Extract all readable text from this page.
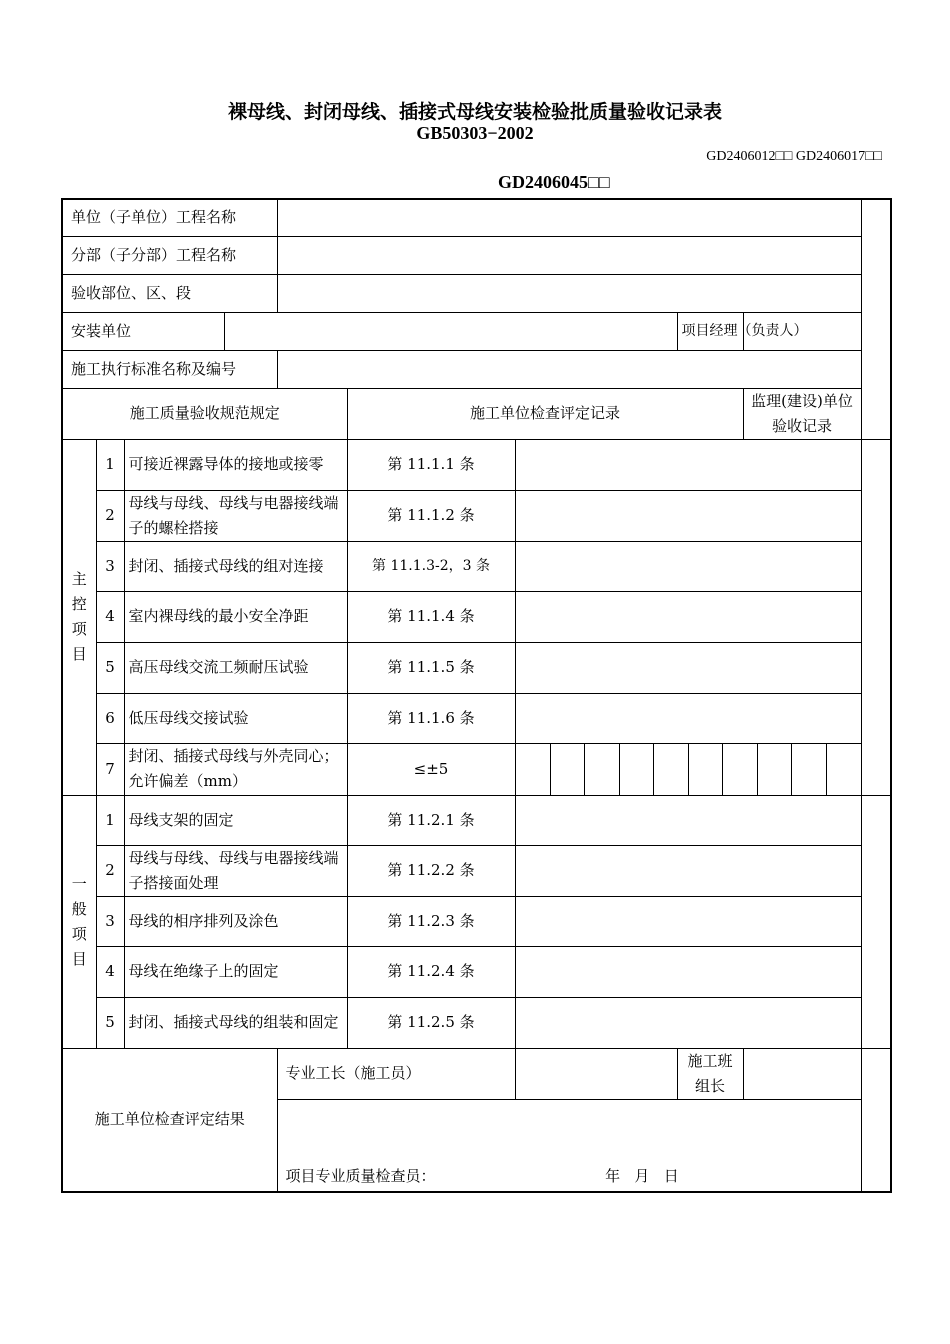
裸母线、封闭母线、插接式母线安装检验批质量验收记录表
GB50303−2002
GD2406012□□ GD2406017□□
GD2406045□□
单位（子单位）工程名称	
分部（子分部）工程名称	
验收部位、区、段	
安装单位		项目经理（负责人）	
施工执行标准名称及编号	
施工质量验收规范规定	施工单位检查评定记录	监理(建设)单位验收记录

主
控
项
目
	1	可接近裸露导体的接地或接零	第 11.1.1 条		
2	母线与母线、母线与电器接线端子的螺栓搭接	第 11.1.2 条	
3	封闭、插接式母线的组对连接	第 11.1.3-2，3 条	
4	室内裸母线的最小安全净距	第 11.1.4 条	
5	高压母线交流工频耐压试验	第 11.1.5 条	
6	低压母线交接试验	第 11.1.6 条	
7	封闭、插接式母线与外壳同心；允许偏差（mm）	≤±5	

一
般
项
目
	1	母线支架的固定	第 11.2.1 条		
2	母线与母线、母线与电器接线端子搭接面处理	第 11.2.2 条	
3	母线的相序排列及涂色	第 11.2.3 条	
4	母线在绝缘子上的固定	第 11.2.4 条	
5	封闭、插接式母线的组装和固定	第 11.2.5 条	
施工单位检查评定结果	专业工长（施工员）		施工班组长	
项目专业质量检查员：	年   月   日
